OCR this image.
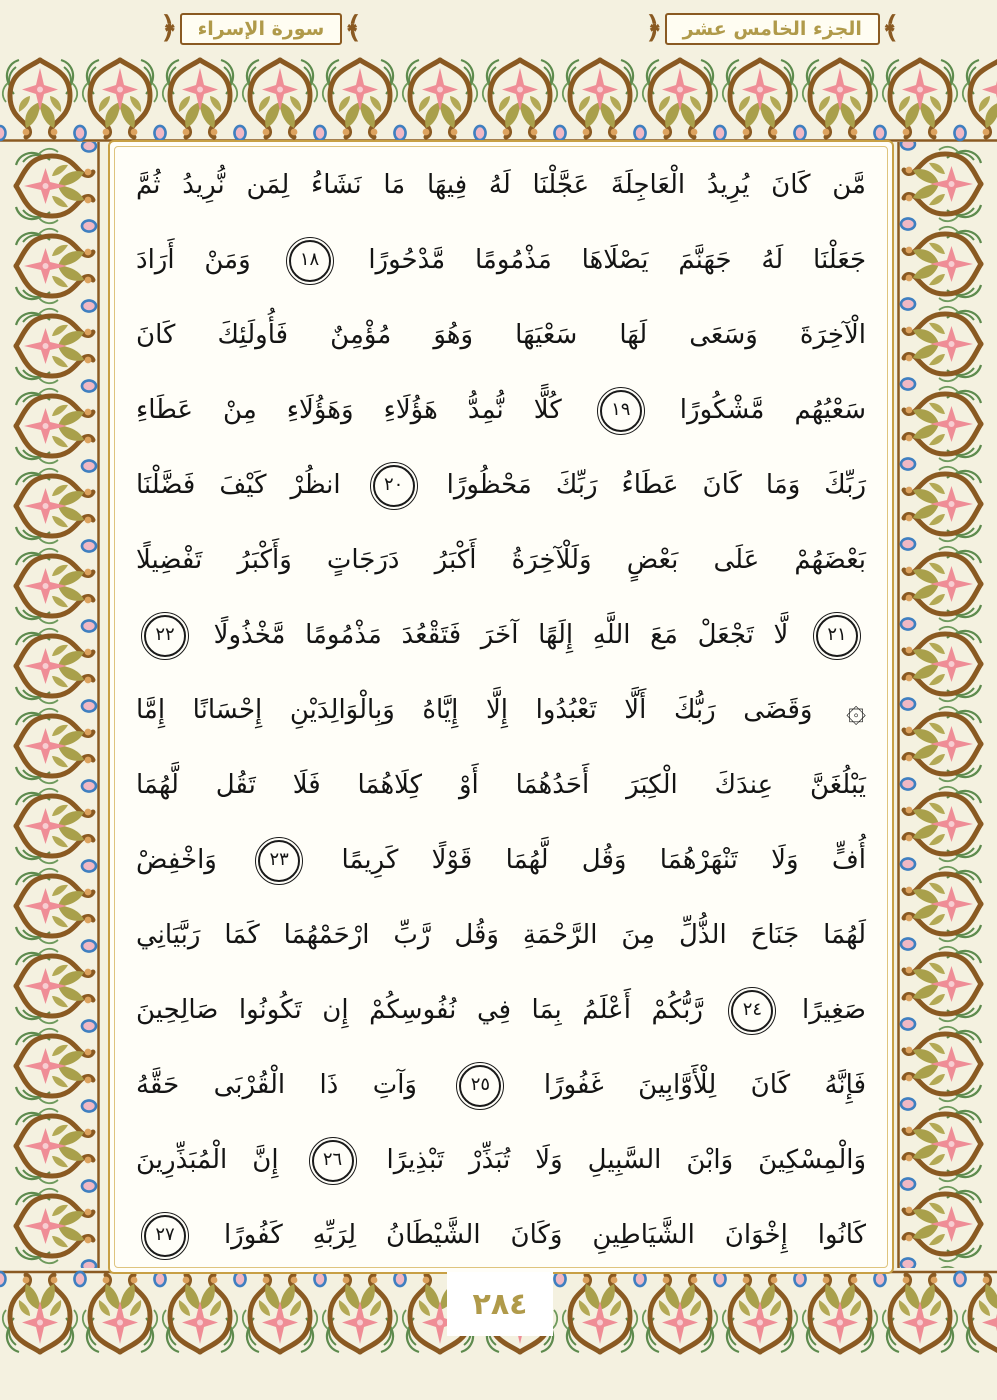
﴿	سورة الإسراء ﴾	﴿	الجزء الخامس عشر ﴾
مَّن كَانَ يُرِيدُ الْعَاجِلَةَ عَجَّلْنَا لَهُ فِيهَا مَا نَشَاءُ لِمَن نُّرِيدُ ثُمَّ
جَعَلْنَا لَهُ جَهَنَّمَ يَصْلَاهَا مَذْمُومًا مَّدْحُورًا ١٨ وَمَنْ أَرَادَ
الْآخِرَةَ وَسَعَى لَهَا سَعْيَهَا وَهُوَ مُؤْمِنٌ فَأُولَئِكَ كَانَ
سَعْيُهُم مَّشْكُورًا ١٩ كُلًّا نُّمِدُّ هَؤُلَاءِ وَهَؤُلَاءِ مِنْ عَطَاءِ
رَبِّكَ وَمَا كَانَ عَطَاءُ رَبِّكَ مَحْظُورًا ٢٠ انظُرْ كَيْفَ فَضَّلْنَا
بَعْضَهُمْ عَلَى بَعْضٍ وَلَلْآخِرَةُ أَكْبَرُ دَرَجَاتٍ وَأَكْبَرُ تَفْضِيلًا
٢١ لَّا تَجْعَلْ مَعَ اللَّهِ إِلَهًا آخَرَ فَتَقْعُدَ مَذْمُومًا مَّخْذُولًا ٢٢
۞ وَقَضَى رَبُّكَ أَلَّا تَعْبُدُوا إِلَّا إِيَّاهُ وَبِالْوَالِدَيْنِ إِحْسَانًا إِمَّا
يَبْلُغَنَّ عِندَكَ الْكِبَرَ أَحَدُهُمَا أَوْ كِلَاهُمَا فَلَا تَقُل لَّهُمَا
أُفٍّ وَلَا تَنْهَرْهُمَا وَقُل لَّهُمَا قَوْلًا كَرِيمًا ٢٣ وَاخْفِضْ
لَهُمَا جَنَاحَ الذُّلِّ مِنَ الرَّحْمَةِ وَقُل رَّبِّ ارْحَمْهُمَا كَمَا رَبَّيَانِي
صَغِيرًا ٢٤ رَّبُّكُمْ أَعْلَمُ بِمَا فِي نُفُوسِكُمْ إِن تَكُونُوا صَالِحِينَ
فَإِنَّهُ كَانَ لِلْأَوَّابِينَ غَفُورًا ٢٥ وَآتِ ذَا الْقُرْبَى حَقَّهُ
وَالْمِسْكِينَ وَابْنَ السَّبِيلِ وَلَا تُبَذِّرْ تَبْذِيرًا ٢٦ إِنَّ الْمُبَذِّرِينَ
كَانُوا إِخْوَانَ الشَّيَاطِينِ وَكَانَ الشَّيْطَانُ لِرَبِّهِ كَفُورًا ٢٧
٢٨٤
